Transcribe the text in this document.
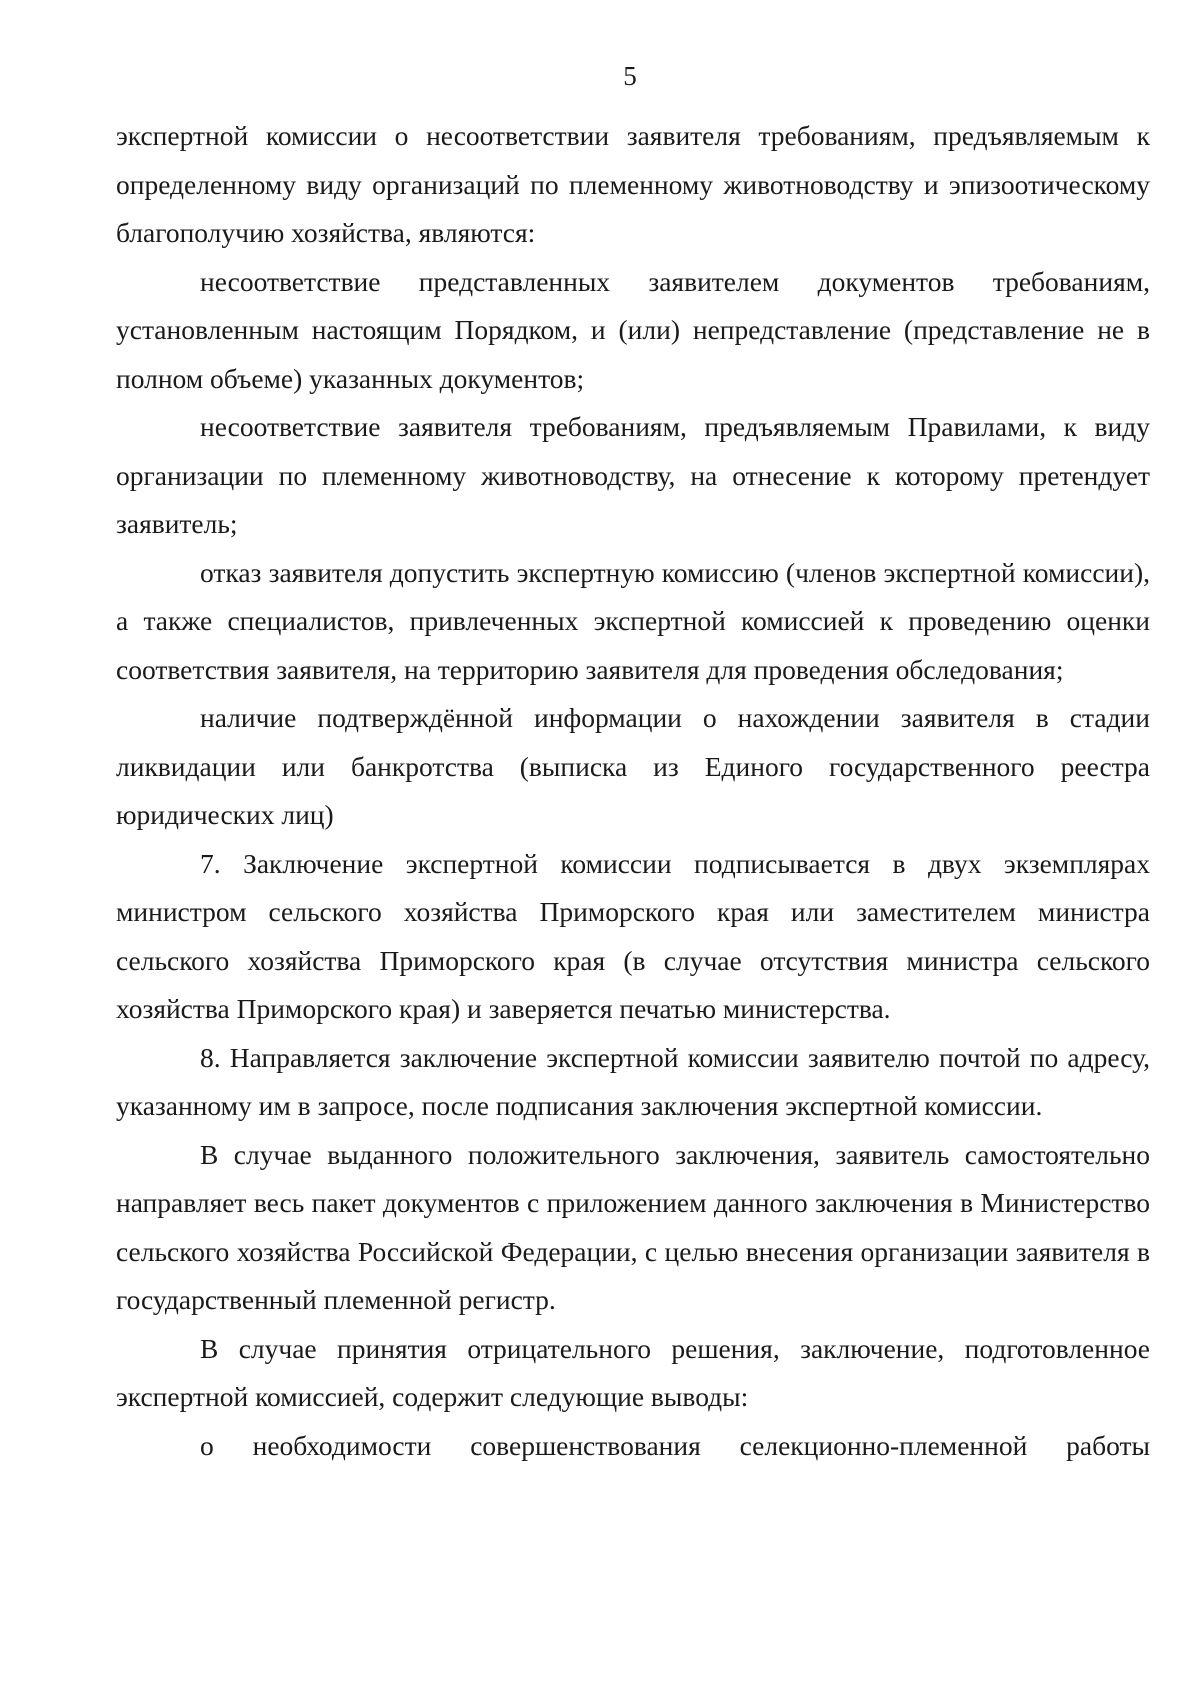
5

экспертной комиссии о несоответствии заявителя требованиям, предъявляемым к определенному виду организаций по племенному животноводству и эпизоотическому благополучию хозяйства, являются:

несоответствие представленных заявителем документов требованиям, установленным настоящим Порядком, и (или) непредставление (представление не в полном объеме) указанных документов;

несоответствие заявителя требованиям, предъявляемым Правилами, к виду организации по племенному животноводству, на отнесение к которому претендует заявитель;

отказ заявителя допустить экспертную комиссию (членов экспертной комиссии), а также специалистов, привлеченных экспертной комиссией к проведению оценки соответствия заявителя, на территорию заявителя для проведения обследования;

наличие подтверждённой информации о нахождении заявителя в стадии ликвидации или банкротства (выписка из Единого государственного реестра юридических лиц)

7. Заключение экспертной комиссии подписывается в двух экземплярах министром сельского хозяйства Приморского края или заместителем министра сельского хозяйства Приморского края (в случае отсутствия министра сельского хозяйства Приморского края) и заверяется печатью министерства.

8. Направляется заключение экспертной комиссии заявителю почтой по адресу, указанному им в запросе, после подписания заключения экспертной комиссии.

В случае выданного положительного заключения, заявитель самостоятельно направляет весь пакет документов с приложением данного заключения в Министерство сельского хозяйства Российской Федерации, с целью внесения организации заявителя в государственный племенной регистр.

В случае принятия отрицательного решения, заключение, подготовленное экспертной комиссией, содержит следующие выводы:

о необходимости совершенствования селекционно-племенной работы
